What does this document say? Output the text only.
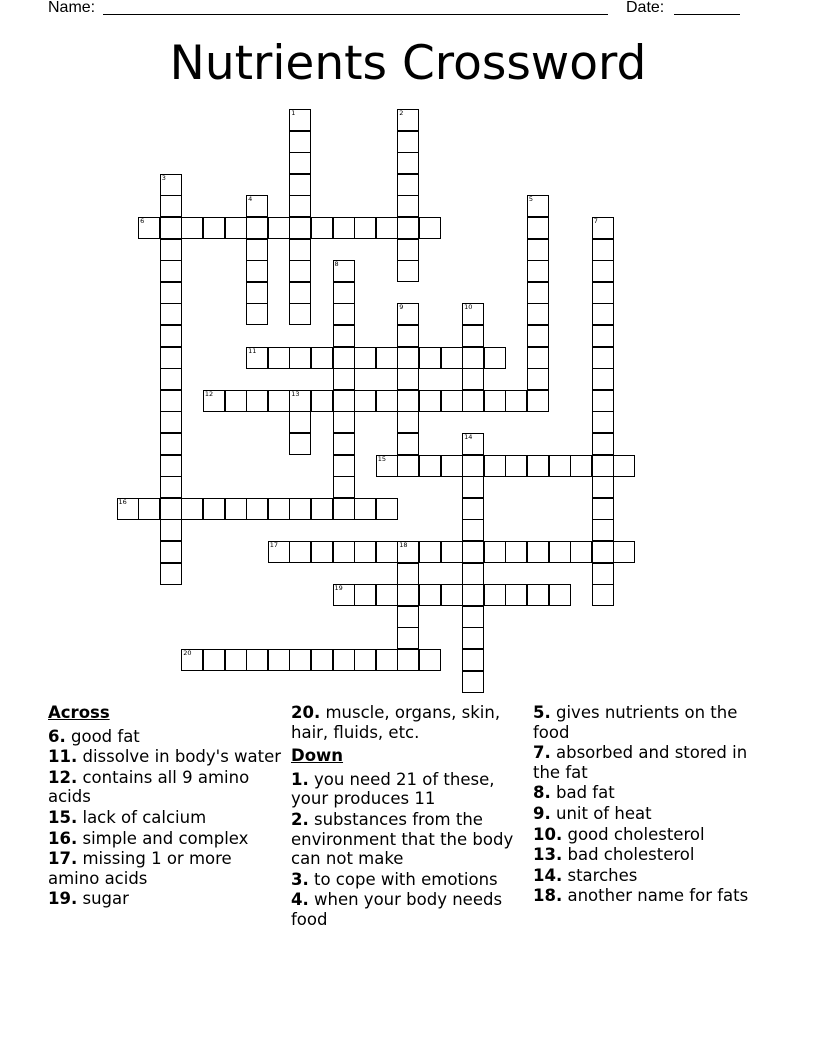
Name:	Date:
Nutrients Crossword
1	2
3
4	5
6	7
8
9	10
11
12	13
14
15
16
17	18
19
20
Across
6. good fat
11. dissolve in body's water
12. contains all 9 amino acids
15. lack of calcium
16. simple and complex
17. missing 1 or more amino acids
19. sugar
20. muscle, organs, skin, hair, fluids, etc.
Down
1. you need 21 of these, your produces 11
2. substances from the environment that the body can not make
3. to cope with emotions
4. when your body needs food
5. gives nutrients on the food
7. absorbed and stored in the fat
8. bad fat
9. unit of heat
10. good cholesterol
13. bad cholesterol
14. starches
18. another name for fats
